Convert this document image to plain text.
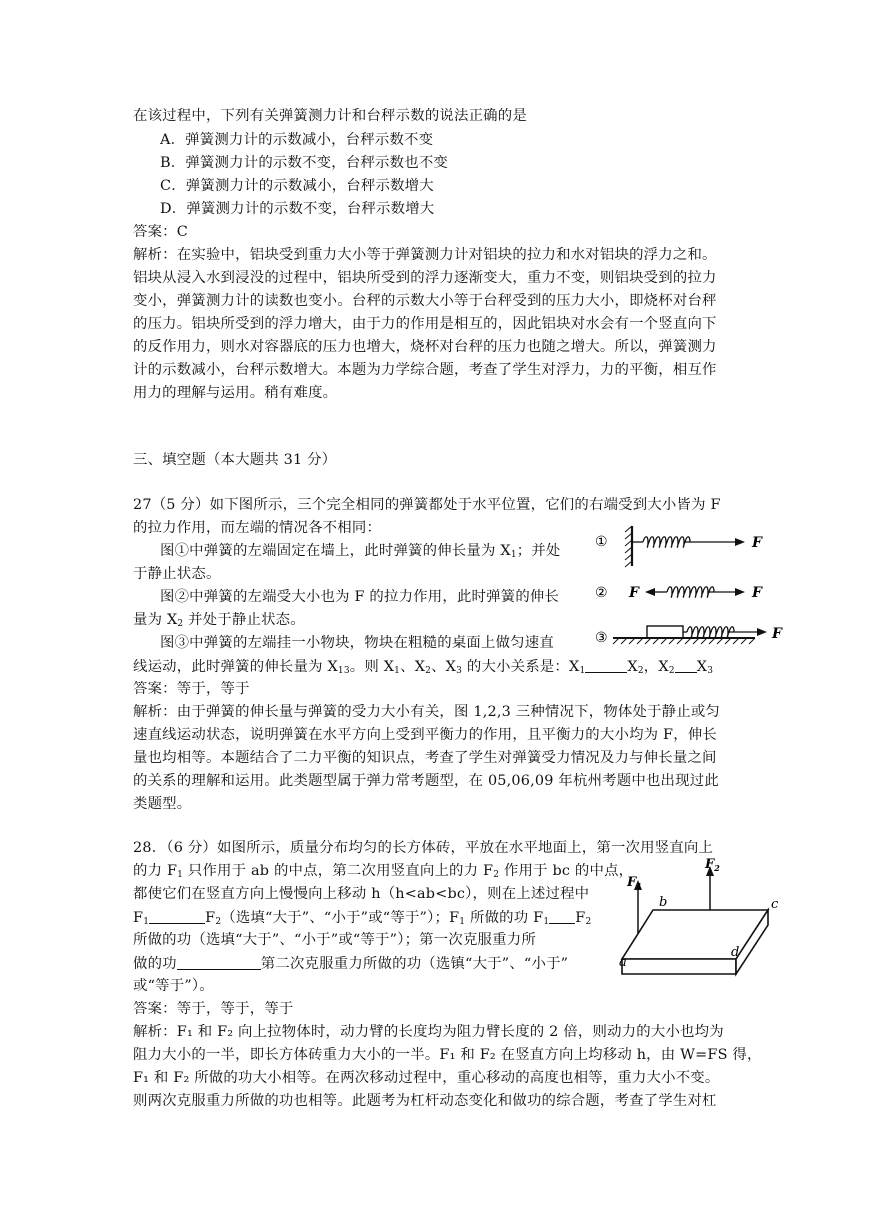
在该过程中，下列有关弹簧测力计和台秤示数的说法正确的是
A．弹簧测力计的示数减小，台秤示数不变
B．弹簧测力计的示数不变，台秤示数也不变
C．弹簧测力计的示数减小，台秤示数增大
D．弹簧测力计的示数不变，台秤示数增大
答案：C
解析：在实验中，铝块受到重力大小等于弹簧测力计对铝块的拉力和水对铝块的浮力之和。
铝块从浸入水到浸没的过程中，铝块所受到的浮力逐渐变大，重力不变，则铝块受到的拉力
变小，弹簧测力计的读数也变小。台秤的示数大小等于台秤受到的压力大小，即烧杯对台秤
的压力。铝块所受到的浮力增大，由于力的作用是相互的，因此铝块对水会有一个竖直向下
的反作用力，则水对容器底的压力也增大，烧杯对台秤的压力也随之增大。所以，弹簧测力
计的示数减小，台秤示数增大。本题为力学综合题，考查了学生对浮力，力的平衡，相互作
用力的理解与运用。稍有难度。
三、填空题（本大题共 31 分）
27（5 分）如下图所示，三个完全相同的弹簧都处于水平位置，它们的右端受到大小皆为 F
的拉力作用，而左端的情况各不相同：
图①中弹簧的左端固定在墙上，此时弹簧的伸长量为 $X_1$；并处
于静止状态。
图②中弹簧的左端受大小也为 F 的拉力作用，此时弹簧的伸长
量为 $X_2$ 并处于静止状态。
图③中弹簧的左端挂一小物块，物块在粗糙的桌面上做匀速直
线运动，此时弹簧的伸长量为 $X_{13}$。则 $X_1$、$X_2$、$X_3$ 的大小关系是：$X_1$	$X_2$，$X_2$ $X_3$
答案：等于，等于
解析：由于弹簧的伸长量与弹簧的受力大小有关，图 1,2,3 三种情况下，物体处于静止或匀
速直线运动状态，说明弹簧在水平方向上受到平衡力的作用，且平衡力的大小均为 F，伸长
量也均相等。本题结合了二力平衡的知识点，考查了学生对弹簧受力情况及力与伸长量之间
的关系的理解和运用。此类题型属于弹力常考题型，在 05,06,09 年杭州考题中也出现过此
类题型。
①	F
② F	F
③	F
28．（6 分）如图所示，质量分布均匀的长方体砖，平放在水平地面上，第一次用竖直向上
的力 $F_1$ 只作用于 ab 的中点，第二次用竖直向上的力 $F_2$ 作用于 bc 的中点，
都使它们在竖直方向上慢慢向上移动 h（h<ab<bc），则在上述过程中
$F_1$	$F_2$（选填“大于”、“小于”或“等于”）；$F_1$ 所做的功 $F_1$ $F_2$
所做的功（选填“大于”、“小于”或“等于”）；第一次克服重力所
做的功	第二次克服重力所做的功（选镇“大于”、“小于”
或“等于”）。
答案：等于，等于，等于
解析：F₁ 和 F₂ 向上拉物体时，动力臂的长度均为阻力臂长度的 2 倍，则动力的大小也均为
阻力大小的一半，即长方体砖重力大小的一半。F₁ 和 F₂ 在竖直方向上均移动 h，由 W=FS 得，
F₁ 和 F₂ 所做的功大小相等。在两次移动过程中，重心移动的高度也相等，重力大小不变。
则两次克服重力所做的功也相等。此题考为杠杆动态变化和做功的综合题，考查了学生对杠
$F_1$
$F_2$
b	c
d
a
